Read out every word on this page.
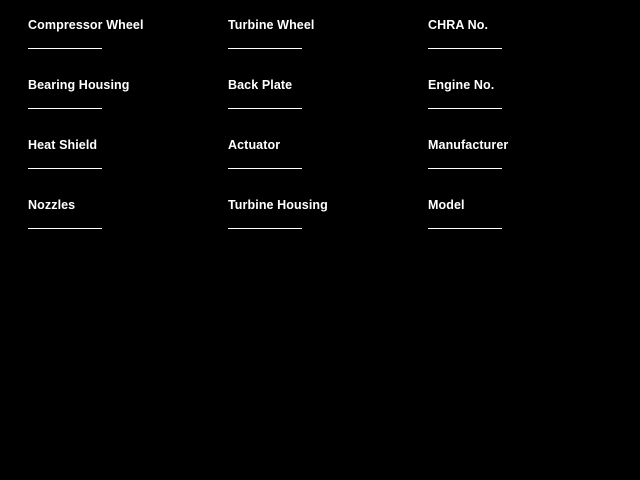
Compressor Wheel
Bearing Housing
Heat Shield
Nozzles
Turbine Wheel
Back Plate
Actuator
Turbine Housing
CHRA No.
Engine No.
Manufacturer
Model
